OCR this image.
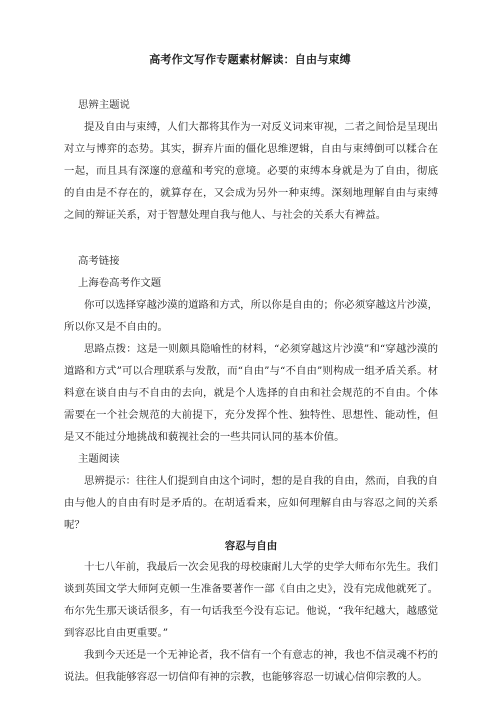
高考作文写作专题素材解读：自由与束缚

思辨主题说

提及自由与束缚，人们大都将其作为一对反义词来审视，二者之间恰是呈现出对立与博弈的态势。其实，摒弃片面的僵化思维逻辑，自由与束缚倒可以糅合在一起，而且具有深邃的意蕴和考究的意境。必要的束缚本身就是为了自由，彻底的自由是不存在的，就算存在，又会成为另外一种束缚。深刻地理解自由与束缚之间的辩证关系，对于智慧处理自我与他人、与社会的关系大有裨益。

高考链接

上海卷高考作文题

你可以选择穿越沙漠的道路和方式，所以你是自由的；你必须穿越这片沙漠，所以你又是不自由的。

思路点拨：这是一则颇具隐喻性的材料，“必须穿越这片沙漠”和“穿越沙漠的道路和方式”可以合理联系与发散，而“自由”与“不自由”则构成一组矛盾关系。材料意在谈自由与不自由的去向，就是个人选择的自由和社会规范的不自由。个体需要在一个社会规范的大前提下，充分发挥个性、独特性、思想性、能动性，但是又不能过分地挑战和藐视社会的一些共同认同的基本价值。

主题阅读

思辨提示：往往人们提到自由这个词时，想的是自我的自由，然而，自我的自由与他人的自由有时是矛盾的。在胡适看来，应如何理解自由与容忍之间的关系呢？

容忍与自由

十七八年前，我最后一次会见我的母校康耐儿大学的史学大师布尔先生。我们谈到英国文学大师阿克顿一生准备要著作一部《自由之史》，没有完成他就死了。布尔先生那天谈话很多，有一句话我至今没有忘记。他说，“我年纪越大，越感觉到容忍比自由更重要。”

我到今天还是一个无神论者，我不信有一个有意志的神，我也不信灵魂不朽的说法。但我能够容忍一切信仰有神的宗教，也能够容忍一切诚心信仰宗教的人。
